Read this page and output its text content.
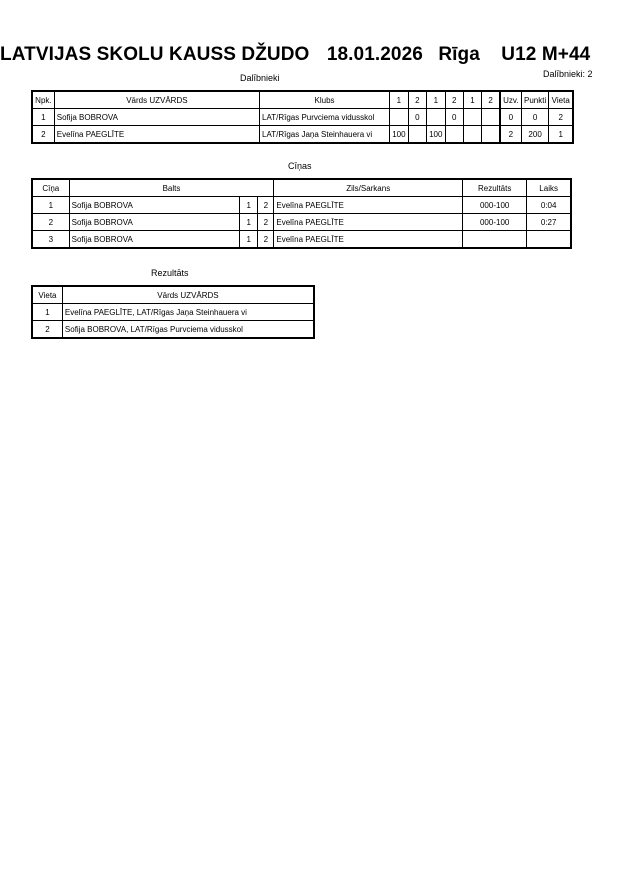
LATVIJAS SKOLU KAUSS DŽUDO 18.01.2026 Rīga U12 M+44
Dalībnieki	Dalībnieki: 2
Npk.	Vārds UZVĀRDS	Klubs	1	2	1	2	1	2	Uzv.	Punkti	Vieta
1	Sofija BOBROVA	LAT/Rīgas Purvciema vidusskol		0		0			0	0	2
2	Evelīna PAEGLĪTE	LAT/Rīgas Jaņa Steinhauera vi	100		100				2	200	1
Cīņas
Cīņa	Balts			Zils/Sarkans	Rezultāts	Laiks
1	Sofija BOBROVA	1	2	Evelīna PAEGLĪTE	000-100	0:04
2	Sofija BOBROVA	1	2	Evelīna PAEGLĪTE	000-100	0:27
3	Sofija BOBROVA	1	2	Evelīna PAEGLĪTE		
Rezultāts
Vieta	Vārds UZVĀRDS
1	Evelīna PAEGLĪTE, LAT/Rīgas Jaņa Steinhauera vi
2	Sofija BOBROVA, LAT/Rīgas Purvciema vidusskol
